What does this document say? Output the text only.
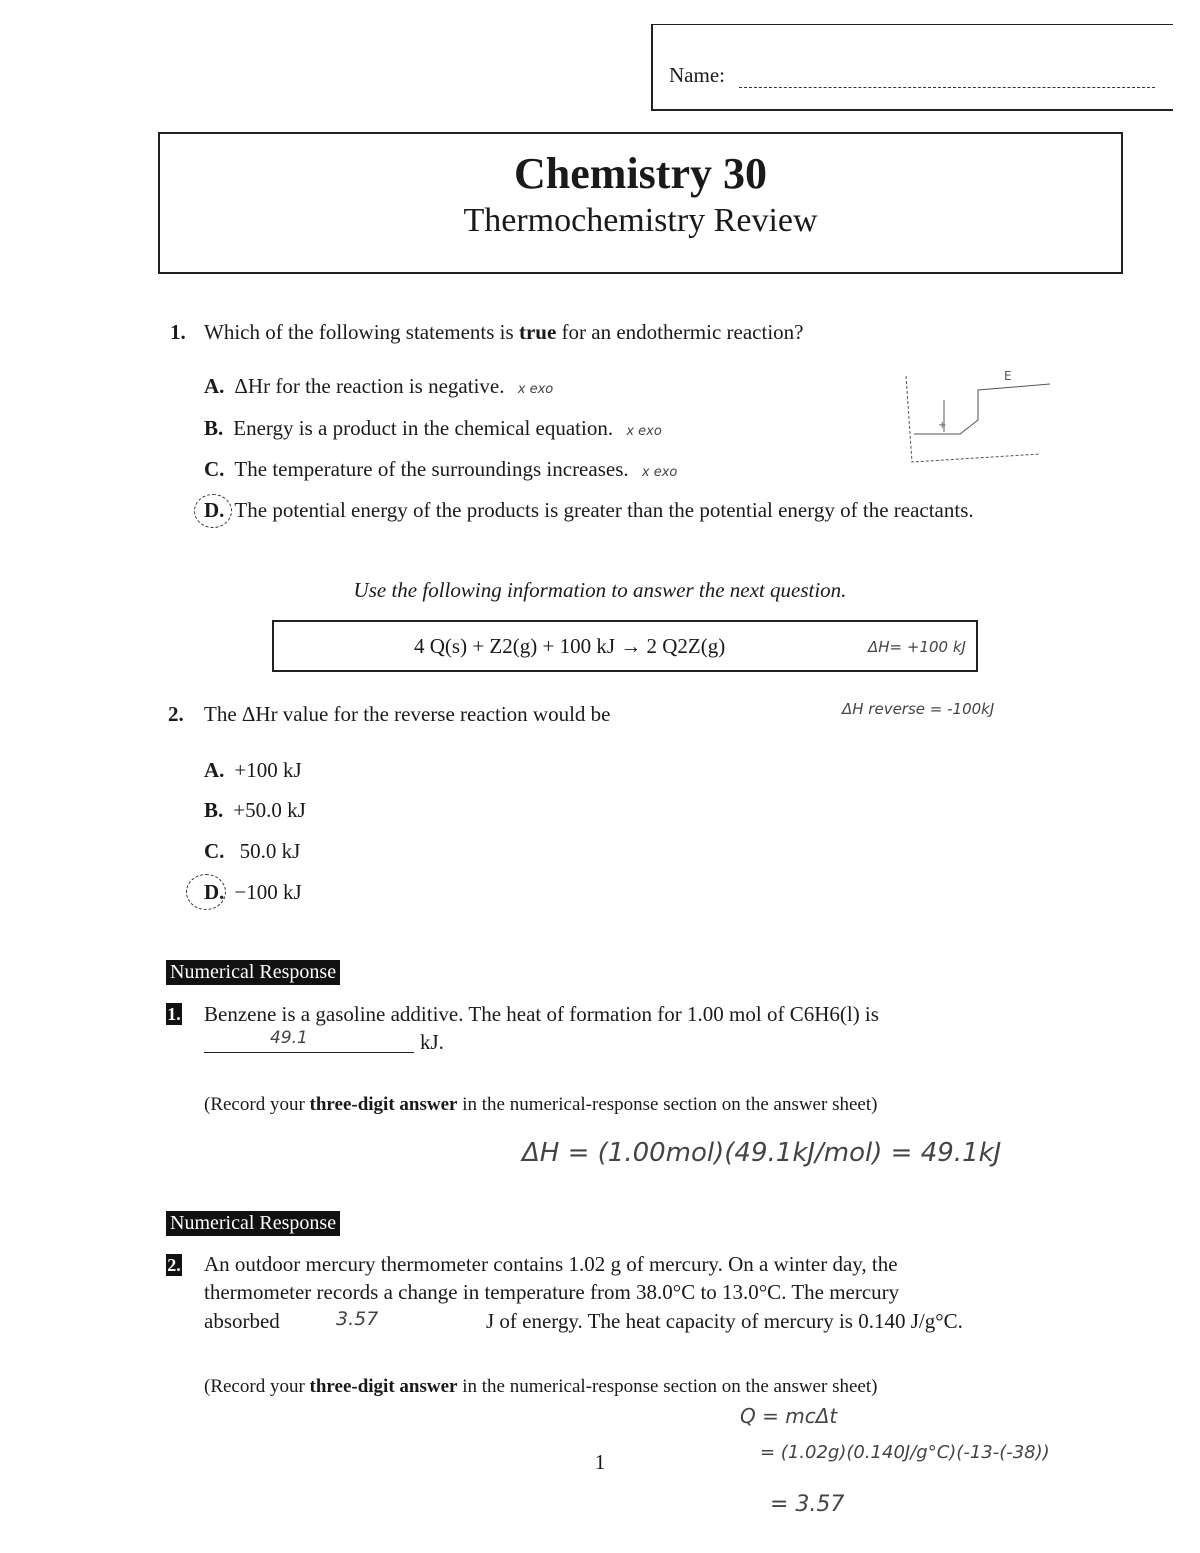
Name:
Chemistry 30
Thermochemistry Review
1. Which of the following statements is true for an endothermic reaction?
A. ΔHr for the reaction is negative. x exo
B. Energy is a product in the chemical equation. x exo
C. The temperature of the surroundings increases. x exo
D. The potential energy of the products is greater than the potential energy of the reactants.
E
+
Use the following information to answer the next question.
4 Q(s) + Z2(g) + 100 kJ → 2 Q2Z(g)	ΔH= +100 kJ
2. The ΔHr value for the reverse reaction would be	ΔH reverse = -100kJ
A. +100 kJ
B. +50.0 kJ
C. 50.0 kJ
D. −100 kJ
Numerical Response
1. Benzene is a gasoline additive. The heat of formation for 1.00 mol of C6H6(l) is
49.1	kJ.
(Record your three-digit answer in the numerical-response section on the answer sheet)
ΔH = (1.00mol)(49.1kJ/mol) = 49.1kJ
Numerical Response
2. An outdoor mercury thermometer contains 1.02 g of mercury. On a winter day, the
thermometer records a change in temperature from 38.0°C to 13.0°C. The mercury
absorbed	3.57	J of energy. The heat capacity of mercury is 0.140 J/g°C.
(Record your three-digit answer in the numerical-response section on the answer sheet)
Q = mcΔt
= (1.02g)(0.140J/g°C)(-13-(-38))
= 3.57
1
